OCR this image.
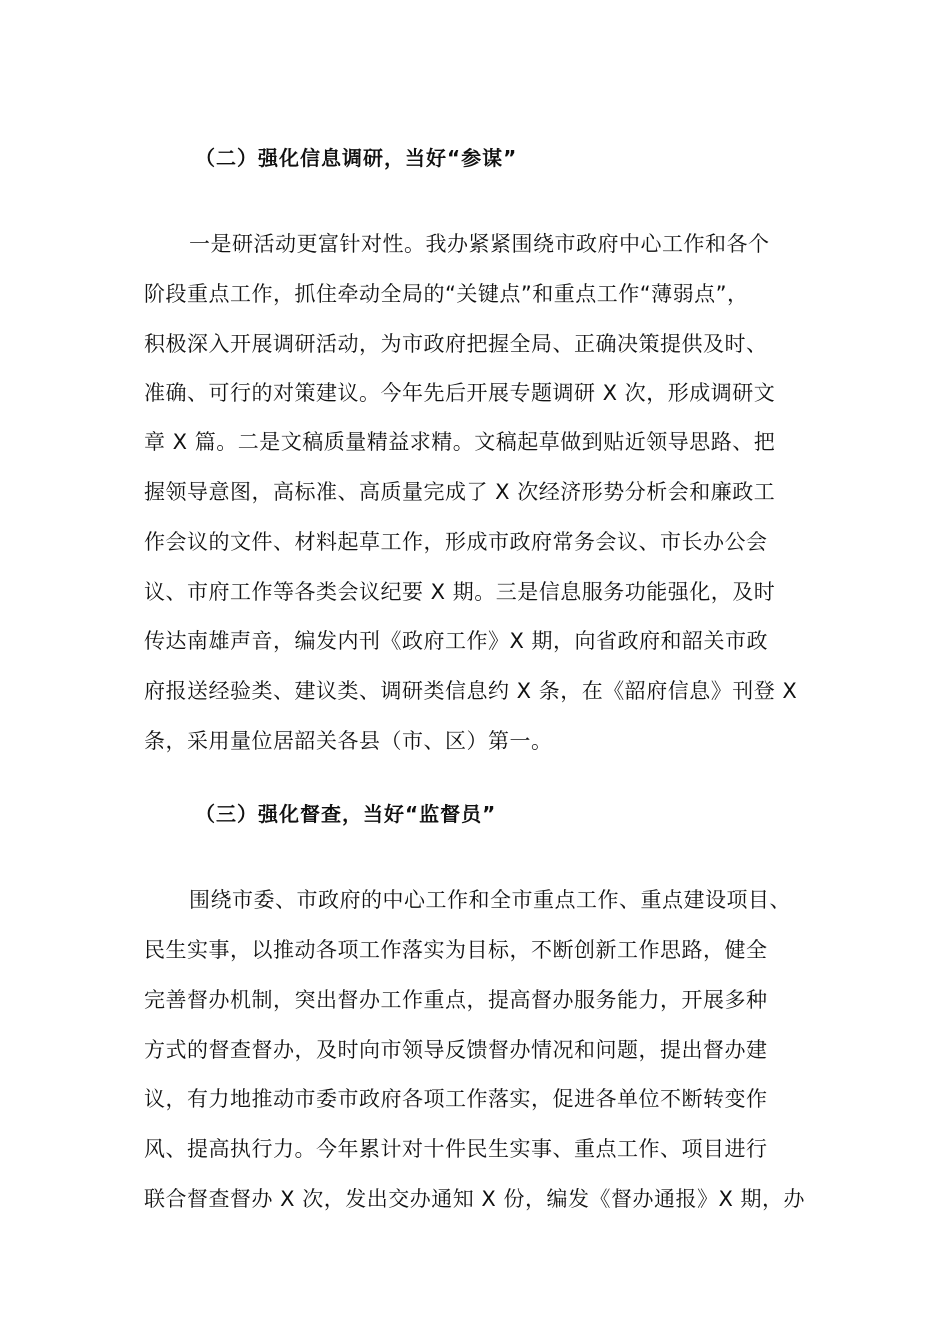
（二）强化信息调研，当好“参谋”
一是研活动更富针对性。我办紧紧围绕市政府中心工作和各个
阶段重点工作，抓住牵动全局的“关键点”和重点工作“薄弱点”，
积极深入开展调研活动，为市政府把握全局、正确决策提供及时、
准确、可行的对策建议。今年先后开展专题调研 X 次，形成调研文
章 X 篇。二是文稿质量精益求精。文稿起草做到贴近领导思路、把
握领导意图，高标准、高质量完成了 X 次经济形势分析会和廉政工
作会议的文件、材料起草工作，形成市政府常务会议、市长办公会
议、市府工作等各类会议纪要 X 期。三是信息服务功能强化，及时
传达南雄声音，编发内刊《政府工作》X 期，向省政府和韶关市政
府报送经验类、建议类、调研类信息约 X 条，在《韶府信息》刊登 X
条，采用量位居韶关各县（市、区）第一。
（三）强化督查，当好“监督员”
围绕市委、市政府的中心工作和全市重点工作、重点建设项目、
民生实事，以推动各项工作落实为目标，不断创新工作思路，健全
完善督办机制，突出督办工作重点，提高督办服务能力，开展多种
方式的督查督办，及时向市领导反馈督办情况和问题，提出督办建
议，有力地推动市委市政府各项工作落实，促进各单位不断转变作
风、提高执行力。今年累计对十件民生实事、重点工作、项目进行
联合督查督办 X 次，发出交办通知 X 份，编发《督办通报》X 期，办
